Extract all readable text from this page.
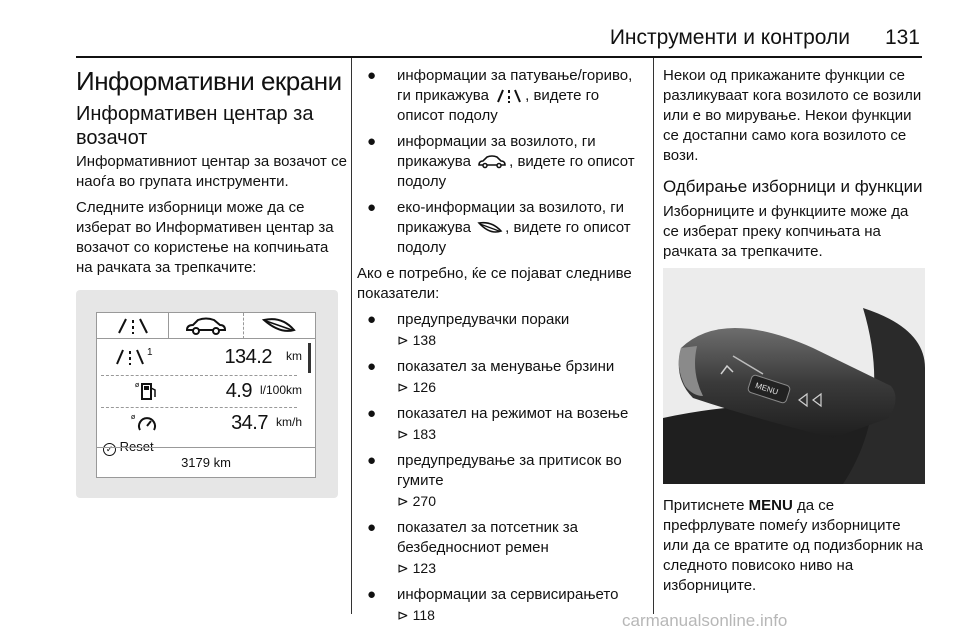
Инструменти и контроли 131
Информативни екрани
Информативен центар за возачот

Информативниот центар за возачот се наоѓа во групата инструменти.

Следните изборници може да се изберат во Информативен центар за возачот со користење на копчињата на рачката за трепкачите:

1	134.2 km
ø	4.9 l/100km
ø	34.7 km/h
✓ Reset
3179 km
● информации за патување/гориво, ги прикажува , видете го описот подолу
● информации за возилото, ги прикажува	, видете го описот подолу
● еко-информации за возилото, ги прикажува , видете го описот подолу

Ако е потребно, ќе се појават следниве показатели:

● предупредувачки пораки
⊳ 138
● показател за менување брзини
⊳ 126
● показател на режимот на возење
⊳ 183
● предупредување за притисок во гумите
⊳ 270
● показател за потсетник за безбедносниот ремен
⊳ 123
● информации за сервисирањето
⊳ 118

Некои од прикажаните функции се разликуваат кога возилото се возили или е во мирување. Некои функции се достапни само кога возилото се вози.

Одбирање изборници и функции

Изборниците и функциите може да се изберат преку копчињата на рачката за трепкачите.

MENU

Притиснете MENU да се префрлувате помеѓу изборниците или да се вратите од подизборник на следното повисоко ниво на изборниците.

carmanualsonline.info
